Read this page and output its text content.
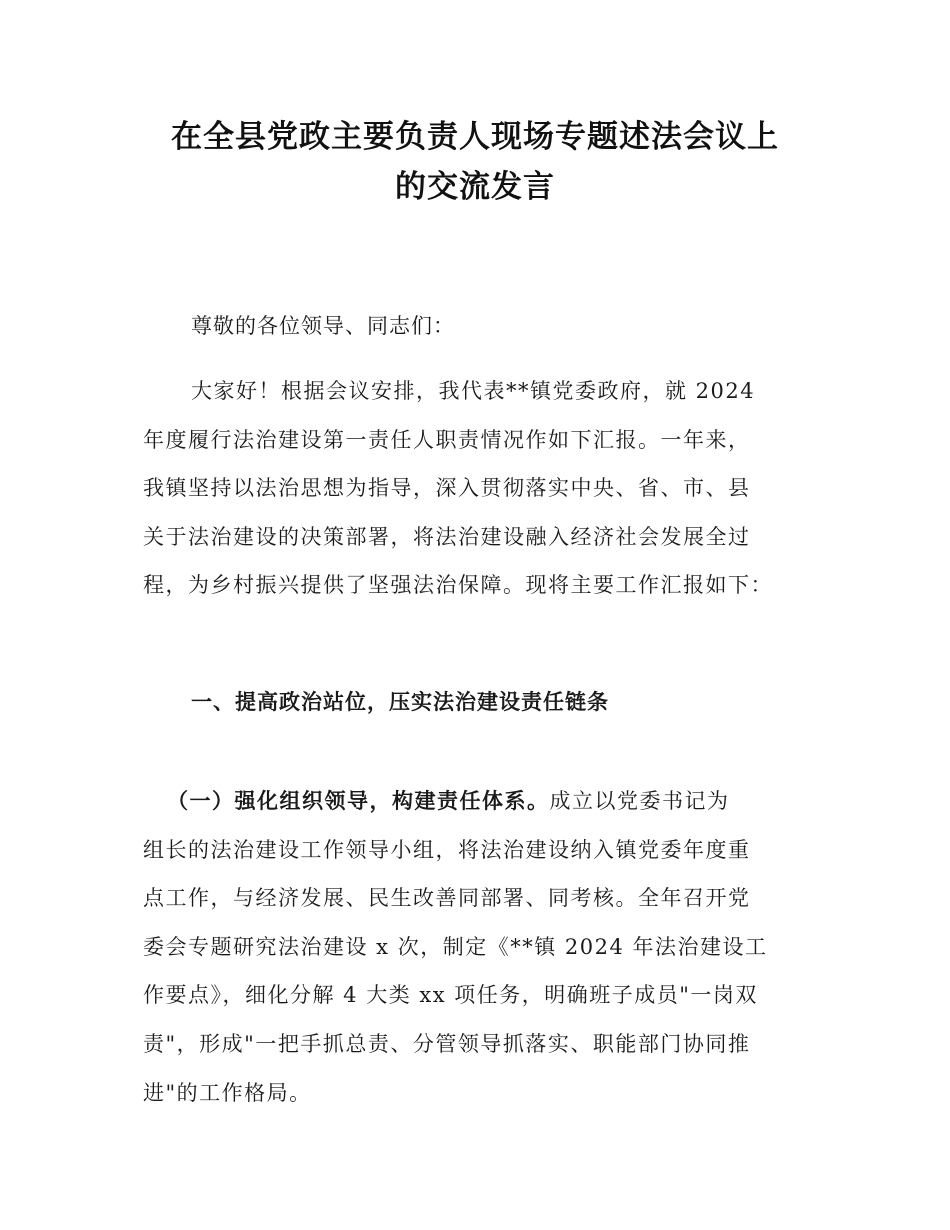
在全县党政主要负责人现场专题述法会议上
的交流发言
尊敬的各位领导、同志们：
大家好！根据会议安排，我代表**镇党委政府，就 2024
年度履行法治建设第一责任人职责情况作如下汇报。一年来，
我镇坚持以法治思想为指导，深入贯彻落实中央、省、市、县
关于法治建设的决策部署，将法治建设融入经济社会发展全过
程，为乡村振兴提供了坚强法治保障。现将主要工作汇报如下：
一、提高政治站位，压实法治建设责任链条
（一）强化组织领导，构建责任体系。成立以党委书记为
组长的法治建设工作领导小组，将法治建设纳入镇党委年度重
点工作，与经济发展、民生改善同部署、同考核。全年召开党
委会专题研究法治建设 x 次，制定《**镇 2024 年法治建设工
作要点》，细化分解 4 大类 xx 项任务，明确班子成员"一岗双
责"，形成"一把手抓总责、分管领导抓落实、职能部门协同推
进"的工作格局。
